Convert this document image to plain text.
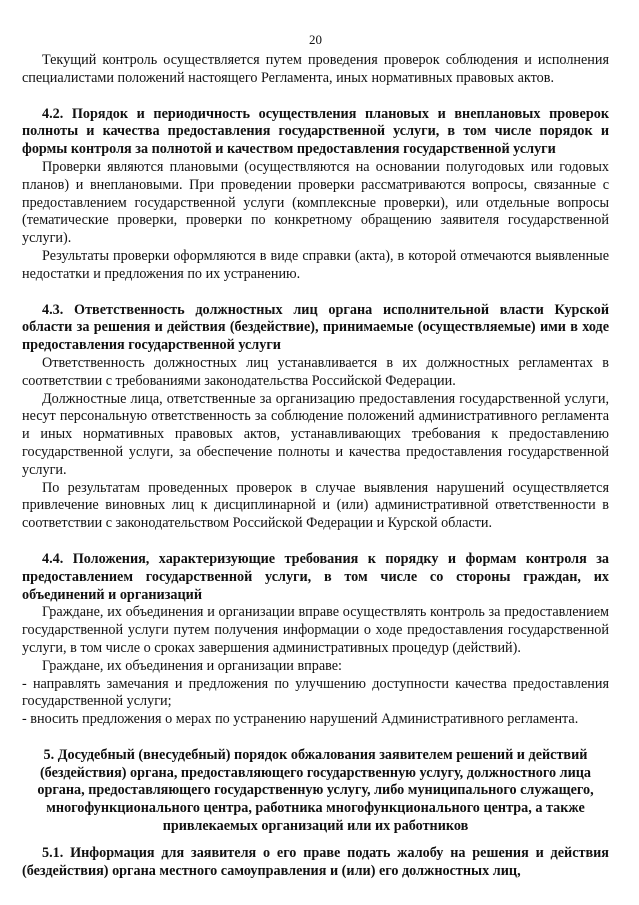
20

Текущий контроль осуществляется путем проведения проверок соблюдения и исполнения специалистами положений настоящего Регламента, иных нормативных правовых актов.

4.2. Порядок и периодичность осуществления плановых и внеплановых проверок полноты и качества предоставления государственной услуги, в том числе порядок и формы контроля за полнотой и качеством предоставления государственной услуги

Проверки являются плановыми (осуществляются на основании полугодовых или годовых планов) и внеплановыми. При проведении проверки рассматриваются вопросы, связанные с предоставлением государственной услуги (комплексные проверки), или отдельные вопросы (тематические проверки, проверки по конкретному обращению заявителя государственной услуги).

Результаты проверки оформляются в виде справки (акта), в которой отмечаются выявленные недостатки и предложения по их устранению.

4.3. Ответственность должностных лиц органа исполнительной власти Курской области за решения и действия (бездействие), принимаемые (осуществляемые) ими в ходе предоставления государственной услуги

Ответственность должностных лиц устанавливается в их должностных регламентах в соответствии с требованиями законодательства Российской Федерации.

Должностные лица, ответственные за организацию предоставления государственной услуги, несут персональную ответственность за соблюдение положений административного регламента и иных нормативных правовых актов, устанавливающих требования к предоставлению государственной услуги, за обеспечение полноты и качества предоставления государственной услуги.

По результатам проведенных проверок в случае выявления нарушений осуществляется привлечение виновных лиц к дисциплинарной и (или) административной ответственности в соответствии с законодательством Российской Федерации и Курской области.

4.4. Положения, характеризующие требования к порядку и формам контроля за предоставлением государственной услуги, в том числе со стороны граждан, их объединений и организаций

Граждане, их объединения и организации вправе осуществлять контроль за предоставлением государственной услуги путем получения информации о ходе предоставления государственной услуги, в том числе о сроках завершения административных процедур (действий).

Граждане, их объединения и организации вправе:

- направлять замечания и предложения по улучшению доступности качества предоставления государственной услуги;

- вносить предложения о мерах по устранению нарушений Административного регламента.

5. Досудебный (внесудебный) порядок обжалования заявителем решений и действий (бездействия) органа, предоставляющего государственную услугу, должностного лица органа, предоставляющего государственную услугу, либо муниципального служащего, многофункционального центра, работника многофункционального центра, а также привлекаемых организаций или их работников

5.1. Информация для заявителя о его праве подать жалобу на решения и действия (бездействия) органа местного самоуправления и (или) его должностных лиц,
